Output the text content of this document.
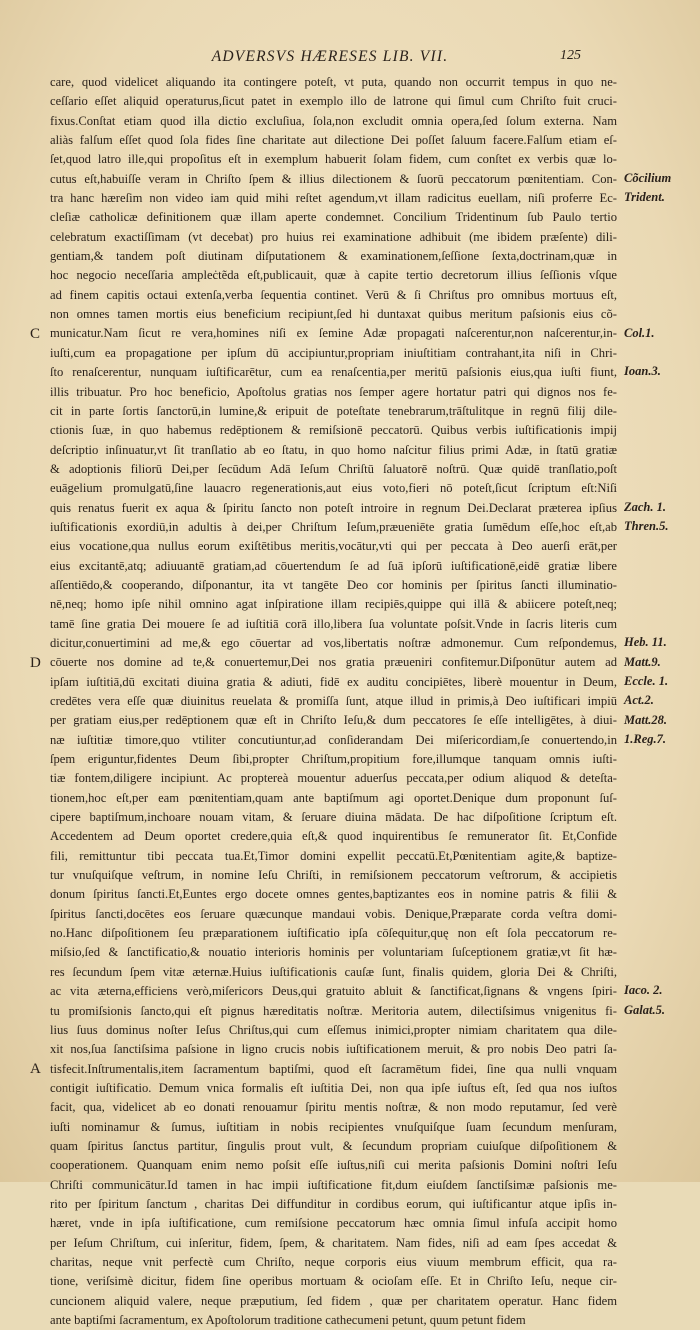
ADVERSVS HÆRESES LIB. VII.	125
care, quod videlicet aliquando ita contingere poteſt, vt puta, quando non occurrit tempus in quo ne-
ceſſario eſſet aliquid operaturus,ſicut patet in exemplo illo de latrone qui ſimul cum Chriſto fuit cruci-
fixus.Conſtat etiam quod illa dictio excluſiua, ſola,non excludit omnia opera,ſed ſolum externa. Nam
aliàs falſum eſſet quod ſola fides ſine charitate aut dilectione Dei poſſet ſaluum facere.Falſum etiam eſ-
ſet,quod latro ille,qui propoſitus eſt in exemplum habuerit ſolam fidem, cum conſtet ex verbis quæ lo-
cutus eſt,habuiſſe veram in Chriſto ſpem & illius dilectionem & ſuorū peccatorum pœnitentiam. Con-
tra hanc hæreſim non video iam quid mihi reſtet agendum,vt illam radicitus euellam, niſi proferre Ec-
cleſiæ catholicæ definitionem quæ illam aperte condemnet. Concilium Tridentinum ſub Paulo tertio
celebratum exactiſſimam (vt decebat) pro huius rei examinatione adhibuit (me ibidem præſente) dili-
gentiam,& tandem poſt diutinam diſputationem & examinationem,ſeſſione ſexta,doctrinam,quæ in
hoc negocio neceſſaria ampleċtẽda eſt,publicauit, quæ à capite tertio decretorum illius ſeſſionis vſque
ad finem capitis octaui extenſa,verba ſequentia continet. Verū & ſi Chriſtus pro omnibus mortuus eſt,
non omnes tamen mortis eius beneficium recipiunt,ſed hi duntaxat quibus meritum paſsionis eius cõ-
municatur.Nam ſicut re vera,homines niſi ex ſemine Adæ propagati naſcerentur,non naſcerentur,in-
iuſti,cum ea propagatione per ipſum dū accipiuntur,propriam iniuſtitiam contrahant,ita niſi in Chri-
ſto renaſcerentur, nunquam iuſtificarētur, cum ea renaſcentia,per meritū paſsionis eius,qua iuſti fiunt,
illis tribuatur. Pro hoc beneficio, Apoſtolus gratias nos ſemper agere hortatur patri qui dignos nos fe-
cit in parte ſortis ſanctorū,in lumine,& eripuit de poteſtate tenebrarum,trāſtulitque in regnū filij dile-
ctionis ſuæ, in quo habemus redēptionem & remiſsionē peccatorū. Quibus verbis iuſtificationis impij
deſcriptio inſinuatur,vt ſit tranſlatio ab eo ſtatu, in quo homo naſcitur filius primi Adæ, in ſtatū gratiæ
& adoptionis filiorū Dei,per ſecūdum Adā Ieſum Chriſtū ſaluatorē noſtrū. Quæ quidē tranſlatio,poſt
euāgelium promulgatū,ſine lauacro regenerationis,aut eius voto,fieri nō poteſt,ſicut ſcriptum eſt:Niſi
quis renatus fuerit ex aqua & ſpiritu ſancto non poteſt introire in regnum Dei.Declarat præterea ipſius
iuſtificationis exordiū,in adultis à dei,per Chriſtum Ieſum,præueniēte gratia ſumēdum eſſe,hoc eſt,ab
eius vocatione,qua nullus eorum exiſtētibus meritis,vocātur,vti qui per peccata à Deo auerſi erāt,per
eius excitantē,atq; adiuuantē gratiam,ad cōuertendum ſe ad ſuā ipſorū iuſtificationē,eidē gratiæ libere
aſſentiēdo,& cooperando, diſponantur, ita vt tangēte Deo cor hominis per ſpiritus ſancti illuminatio-
nē,neq; homo ipſe nihil omnino agat inſpiratione illam recipiēs,quippe qui illā & abiicere poteſt,neq;
tamē ſine gratia Dei mouere ſe ad iuſtitiā corā illo,libera ſua voluntate poſsit.Vnde in ſacris literis cum
dicitur,conuertimini ad me,& ego cōuertar ad vos,libertatis noſtræ admonemur. Cum reſpondemus,
cōuerte nos domine ad te,& conuertemur,Dei nos gratia præueniri confitemur.Diſponūtur autem ad
ipſam iuſtitiā,dū excitati diuina gratia & adiuti, fidē ex auditu concipiētes, liberè mouentur in Deum,
credētes vera eſſe quæ diuinitus reuelata & promiſſa ſunt, atque illud in primis,à Deo iuſtificari impiū
per gratiam eius,per redēptionem quæ eſt in Chriſto Ieſu,& dum peccatores ſe eſſe intelligētes, à diui-
næ iuſtitiæ timore,quo vtiliter concutiuntur,ad conſiderandam Dei miſericordiam,ſe conuertendo,in
ſpem eriguntur,fidentes Deum ſibi,propter Chriſtum,propitium fore,illumque tanquam omnis iuſti-
tiæ fontem,diligere incipiunt. Ac proptereà mouentur aduerſus peccata,per odium aliquod & deteſta-
tionem,hoc eſt,per eam pœnitentiam,quam ante baptiſmum agi oportet.Denique dum proponunt ſuſ-
cipere baptiſmum,inchoare nouam vitam, & ſeruare diuina mādata. De hac diſpoſitione ſcriptum eſt.
Accedentem ad Deum oportet credere,quia eſt,& quod inquirentibus ſe remunerator ſit. Et,Confide
fili, remittuntur tibi peccata tua.Et,Timor domini expellit peccatū.Et,Pœnitentiam agite,& baptize-
tur vnuſquiſque veſtrum, in nomine Ieſu Chriſti, in remiſsionem peccatorum veſtrorum, & accipietis
donum ſpiritus ſancti.Et,Euntes ergo docete omnes gentes,baptizantes eos in nomine patris & filii &
ſpiritus ſancti,docētes eos ſeruare quæcunque mandaui vobis. Denique,Præparate corda veſtra domi-
no.Hanc diſpoſitionem ſeu præparationem iuſtificatio ipſa cōſequitur,quę non eſt ſola peccatorum re-
miſsio,ſed & ſanctificatio,& nouatio interioris hominis per voluntariam ſuſceptionem gratiæ,vt ſit hæ-
res ſecundum ſpem vitæ æternæ.Huius iuſtificationis cauſæ ſunt, finalis quidem, gloria Dei & Chriſti,
ac vita æterna,efficiens verò,miſericors Deus,qui gratuito abluit & ſanctificat,ſignans & vngens ſpiri-
tu promiſsionis ſancto,qui eſt pignus hæreditatis noſtræ. Meritoria autem, dilectiſsimus vnigenitus fi-
lius ſuus dominus noſter Ieſus Chriſtus,qui cum eſſemus inimici,propter nimiam charitatem qua dile-
xit nos,ſua ſanctiſsima paſsione in ligno crucis nobis iuſtificationem meruit, & pro nobis Deo patri ſa-
tisfecit.Inſtrumentalis,item ſacramentum baptiſmi, quod eſt ſacramētum fidei, ſine qua nulli vnquam
contigit iuſtificatio. Demum vnica formalis eſt iuſtitia Dei, non qua ipſe iuſtus eſt, ſed qua nos iuſtos
facit, qua, videlicet ab eo donati renouamur ſpiritu mentis noſtræ, & non modo reputamur, ſed verè
iuſti nominamur & ſumus, iuſtitiam in nobis recipientes vnuſquiſque ſuam ſecundum menſuram,
quam ſpiritus ſanctus partitur, ſingulis prout vult, & ſecundum propriam cuiuſque diſpoſitionem &
cooperationem. Quanquam enim nemo poſsit eſſe iuſtus,niſi cui merita paſsionis Domini noſtri Ieſu
Chriſti communicātur.Id tamen in hac impii iuſtificatione fit,dum eiuſdem ſanctiſsimæ paſsionis me-
rito per ſpiritum ſanctum , charitas Dei diffunditur in cordibus eorum, qui iuſtificantur atque ipſis in-
hæret, vnde in ipſa iuſtificatione, cum remiſsione peccatorum hæc omnia ſimul infuſa accipit homo
per Ieſum Chriſtum, cui inſeritur, fidem, ſpem, & charitatem. Nam fides, niſi ad eam ſpes accedat &
charitas, neque vnit perfectè cum Chriſto, neque corporis eius viuum membrum efficit, qua ra-
tione, veriſsimè dicitur, fidem ſine operibus mortuam & ocioſam eſſe. Et in Chriſto Ieſu, neque cir-
cuncionem aliquid valere, neque præputium, ſed fidem , quæ per charitatem operatur. Hanc fidem
ante baptiſmi ſacramentum, ex Apoſtolorum traditione cathecumeni petunt, quum petunt fidem
Cõcilium
Trident.
Col.1.
Ioan.3.
Zach. 1.
Thren.5.
Heb. 11.
Matt.9.
Eccle. 1.
Act.2.
Matt.28.
1.Reg.7.
Iaco. 2.
Galat.5.
C
D
A
